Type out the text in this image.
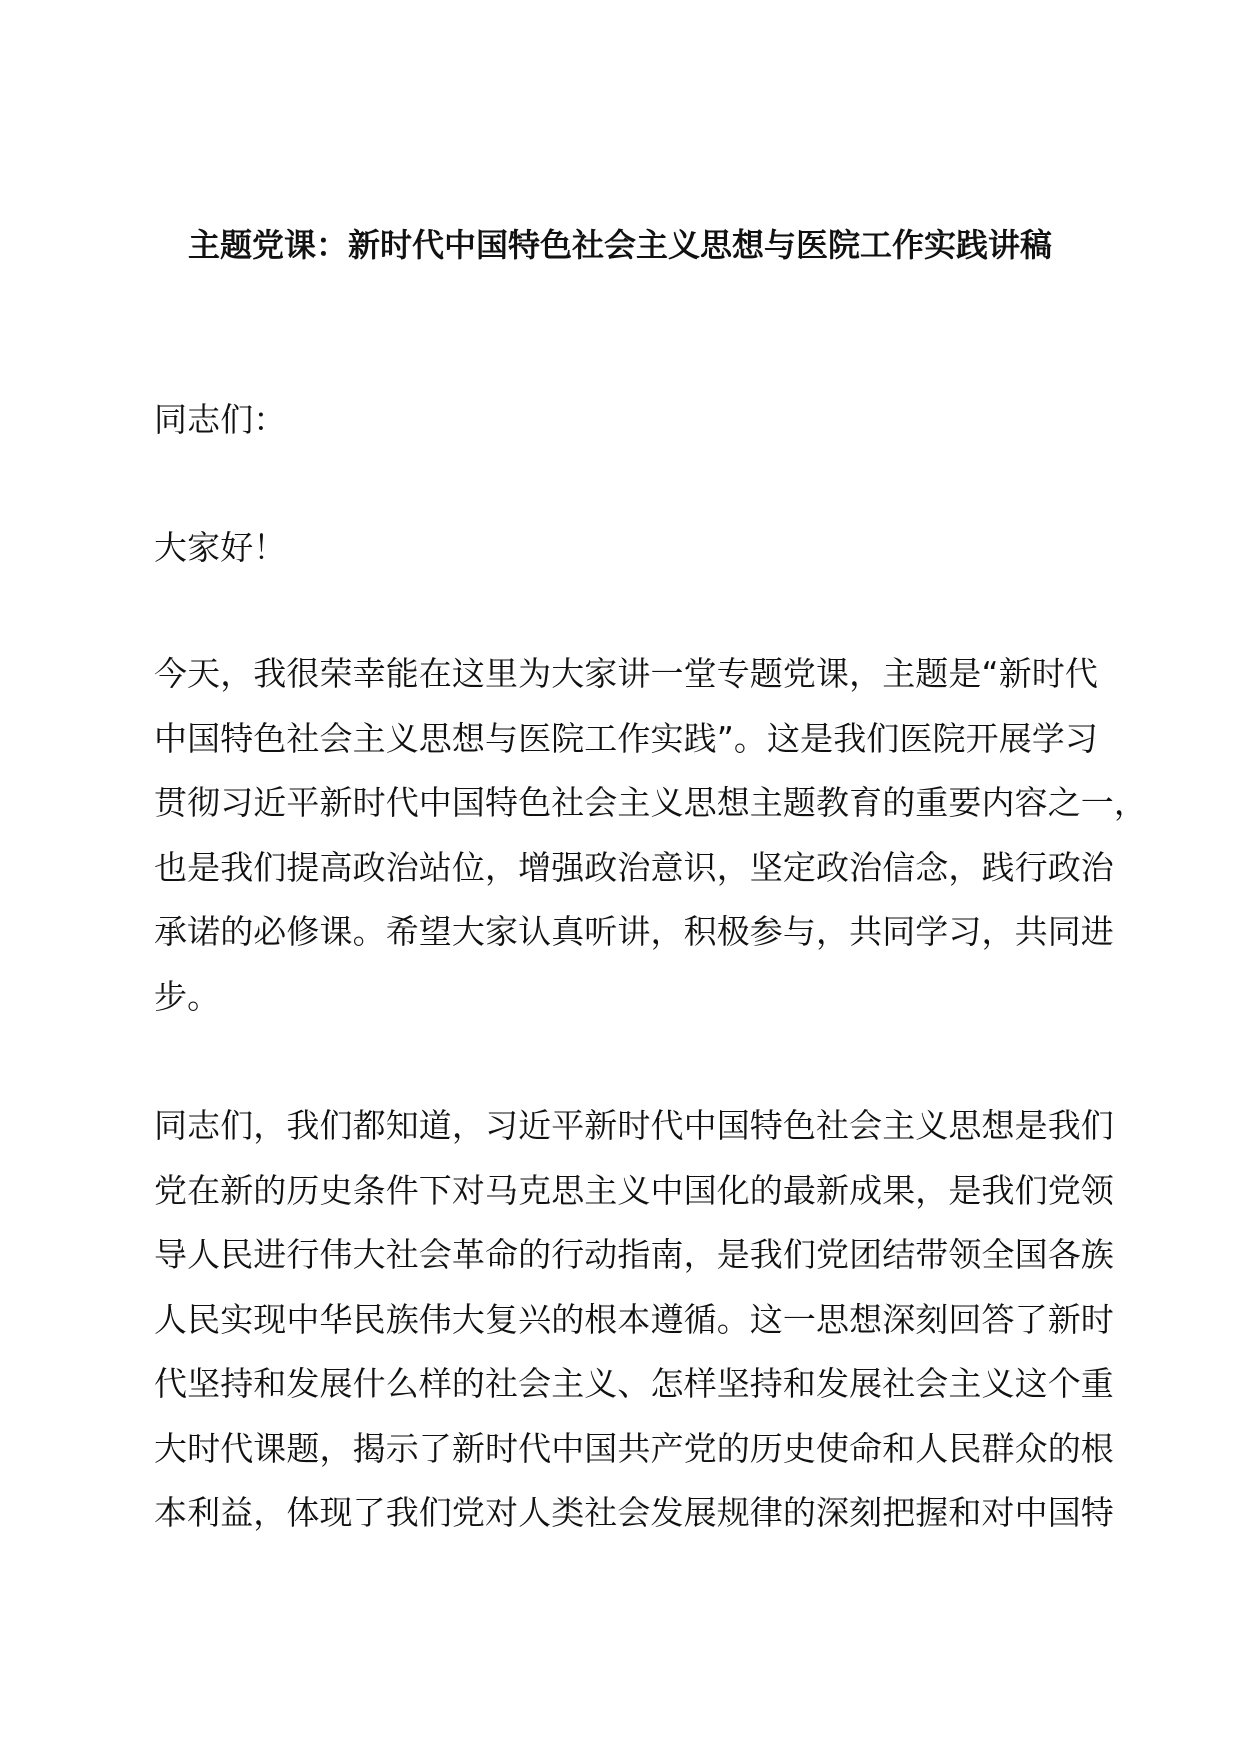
主题党课：新时代中国特色社会主义思想与医院工作实践讲稿

同志们：

大家好！

今天，我很荣幸能在这里为大家讲一堂专题党课，主题是“新时代
中国特色社会主义思想与医院工作实践”。这是我们医院开展学习
贯彻习近平新时代中国特色社会主义思想主题教育的重要内容之一，
也是我们提高政治站位，增强政治意识，坚定政治信念，践行政治
承诺的必修课。希望大家认真听讲，积极参与，共同学习，共同进
步。

同志们，我们都知道，习近平新时代中国特色社会主义思想是我们
党在新的历史条件下对马克思主义中国化的最新成果，是我们党领
导人民进行伟大社会革命的行动指南，是我们党团结带领全国各族
人民实现中华民族伟大复兴的根本遵循。这一思想深刻回答了新时
代坚持和发展什么样的社会主义、怎样坚持和发展社会主义这个重
大时代课题，揭示了新时代中国共产党的历史使命和人民群众的根
本利益，体现了我们党对人类社会发展规律的深刻把握和对中国特
